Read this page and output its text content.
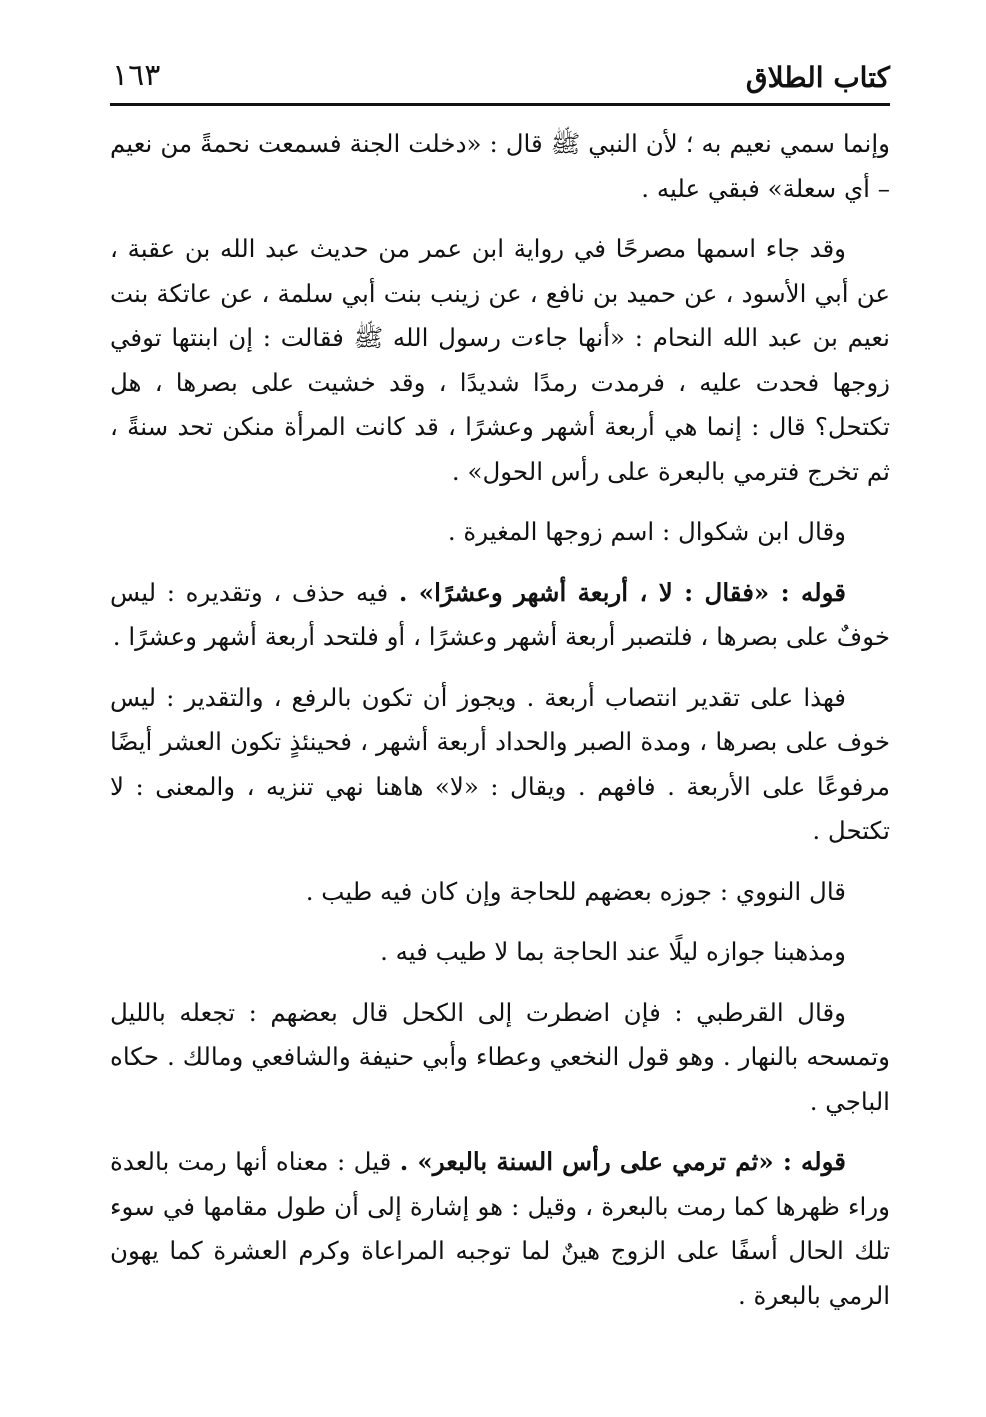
كتاب الطلاق
١٦٣

وإنما سمي نعيم به ؛ لأن النبي ﷺ قال : «دخلت الجنة فسمعت نحمةً من نعيم – أي سعلة» فبقي عليه .

وقد جاء اسمها مصرحًا في رواية ابن عمر من حديث عبد الله بن عقبة ، عن أبي الأسود ، عن حميد بن نافع ، عن زينب بنت أبي سلمة ، عن عاتكة بنت نعيم بن عبد الله النحام : «أنها جاءت رسول الله ﷺ فقالت : إن ابنتها توفي زوجها فحدت عليه ، فرمدت رمدًا شديدًا ، وقد خشيت على بصرها ، هل تكتحل؟ قال : إنما هي أربعة أشهر وعشرًا ، قد كانت المرأة منكن تحد سنةً ، ثم تخرج فترمي بالبعرة على رأس الحول» .

وقال ابن شكوال : اسم زوجها المغيرة .

قوله : «فقال : لا ، أربعة أشهر وعشرًا» . فيه حذف ، وتقديره : ليس خوفٌ على بصرها ، فلتصبر أربعة أشهر وعشرًا ، أو فلتحد أربعة أشهر وعشرًا .

فهذا على تقدير انتصاب أربعة . ويجوز أن تكون بالرفع ، والتقدير : ليس خوف على بصرها ، ومدة الصبر والحداد أربعة أشهر ، فحينئذٍ تكون العشر أيضًا مرفوعًا على الأربعة . فافهم . ويقال : «لا» هاهنا نهي تنزيه ، والمعنى : لا تكتحل .

قال النووي : جوزه بعضهم للحاجة وإن كان فيه طيب .

ومذهبنا جوازه ليلًا عند الحاجة بما لا طيب فيه .

وقال القرطبي : فإن اضطرت إلى الكحل قال بعضهم : تجعله بالليل وتمسحه بالنهار . وهو قول النخعي وعطاء وأبي حنيفة والشافعي ومالك . حكاه الباجي .

قوله : «ثم ترمي على رأس السنة بالبعر» . قيل : معناه أنها رمت بالعدة وراء ظهرها كما رمت بالبعرة ، وقيل : هو إشارة إلى أن طول مقامها في سوء تلك الحال أسفًا على الزوج هينٌ لما توجبه المراعاة وكرم العشرة كما يهون الرمي بالبعرة .
